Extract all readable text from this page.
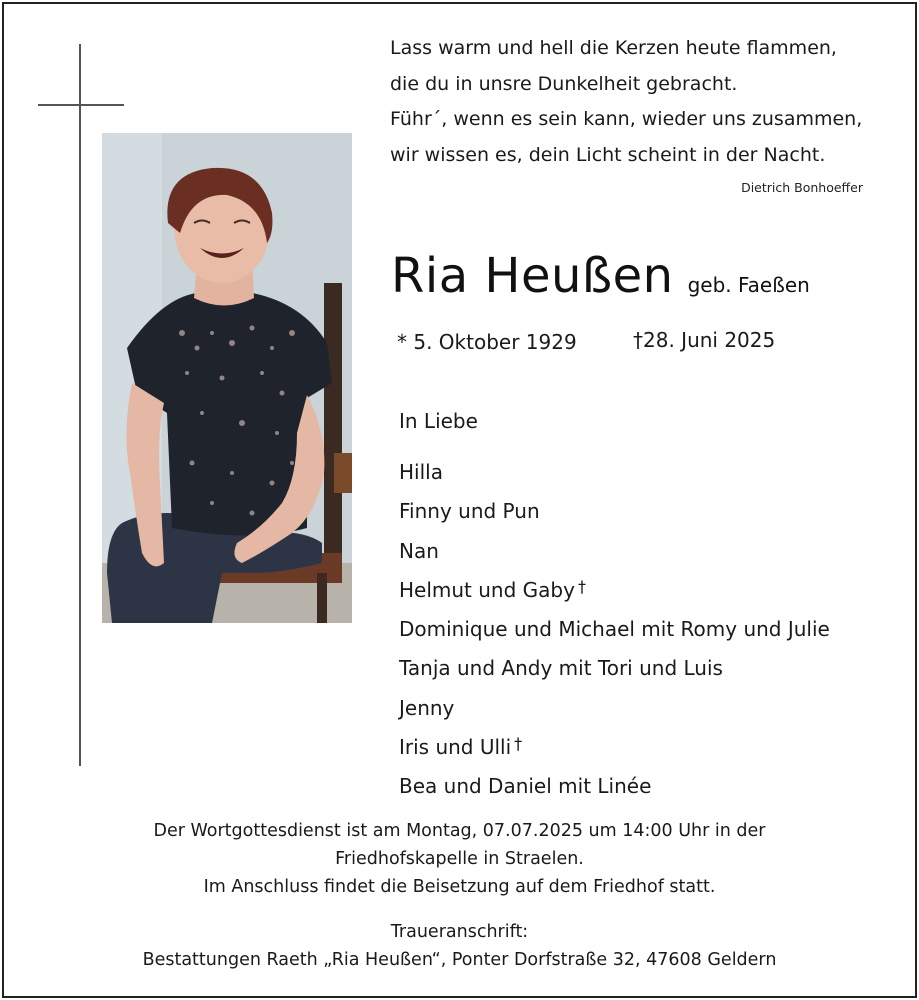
Lass warm und hell die Kerzen heute flammen,
die du in unsre Dunkelheit gebracht.
Führ´, wenn es sein kann, wieder uns zusammen,
wir wissen es, dein Licht scheint in der Nacht.
Dietrich Bonhoeffer
Ria Heußen geb. Faeßen
* 5. Oktober 1929	†28. Juni 2025
In Liebe
Hilla
Finny und Pun
Nan
Helmut und Gaby †
Dominique und Michael mit Romy und Julie
Tanja und Andy mit Tori und Luis
Jenny
Iris und Ulli †
Bea und Daniel mit Linée
Der Wortgottesdienst ist am Montag, 07.07.2025 um 14:00 Uhr in der
Friedhofskapelle in Straelen.
Im Anschluss findet die Beisetzung auf dem Friedhof statt.
Traueranschrift:
Bestattungen Raeth „Ria Heußen“, Ponter Dorfstraße 32, 47608 Geldern
